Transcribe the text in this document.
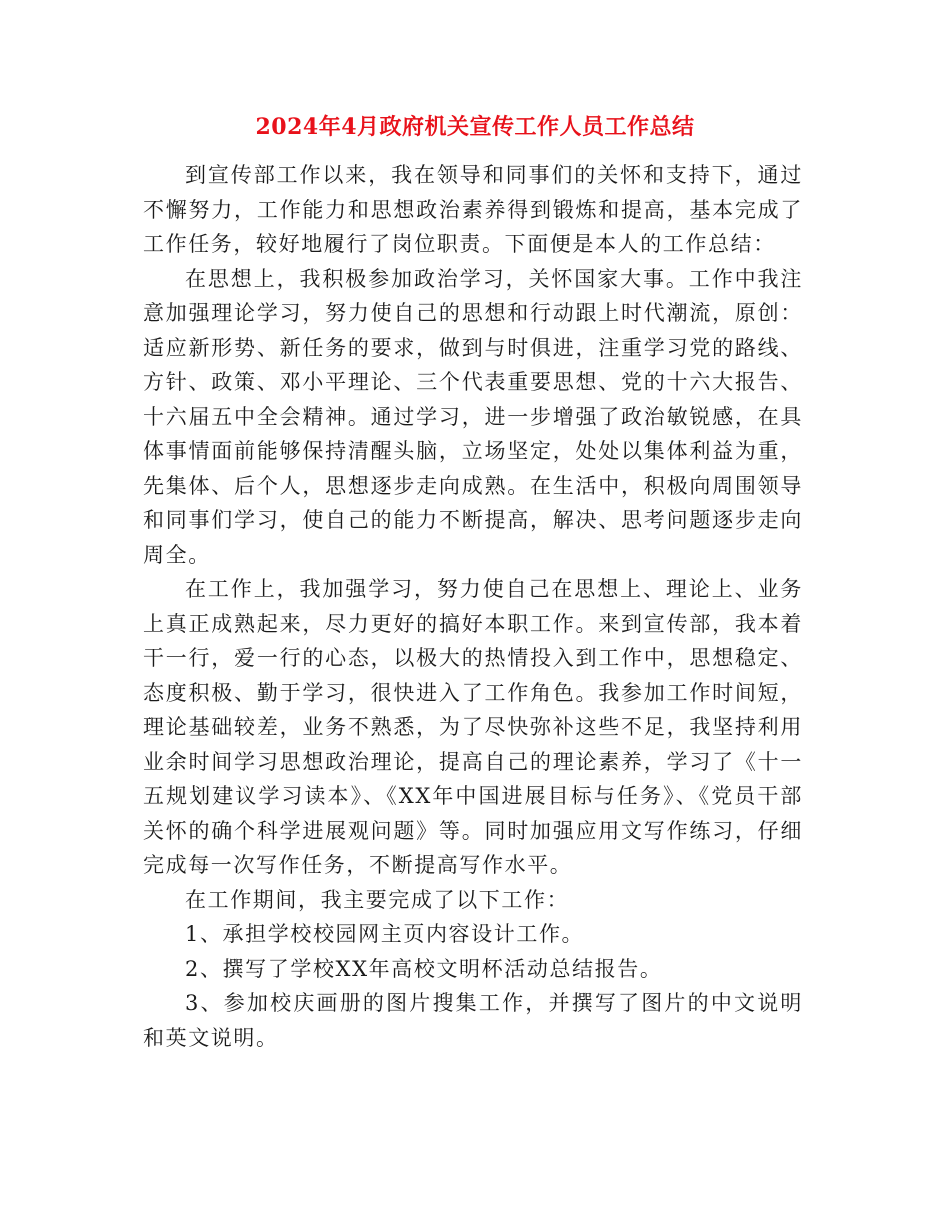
2024年4月政府机关宣传工作人员工作总结

到宣传部工作以来，我在领导和同事们的关怀和支持下，通过不懈努力，工作能力和思想政治素养得到锻炼和提高，基本完成了工作任务，较好地履行了岗位职责。下面便是本人的工作总结：

在思想上，我积极参加政治学习，关怀国家大事。工作中我注意加强理论学习，努力使自己的思想和行动跟上时代潮流，原创：适应新形势、新任务的要求，做到与时俱进，注重学习党的路线、方针、政策、邓小平理论、三个代表重要思想、党的十六大报告、十六届五中全会精神。通过学习，进一步增强了政治敏锐感，在具体事情面前能够保持清醒头脑，立场坚定，处处以集体利益为重，先集体、后个人，思想逐步走向成熟。在生活中，积极向周围领导和同事们学习，使自己的能力不断提高，解决、思考问题逐步走向周全。

在工作上，我加强学习，努力使自己在思想上、理论上、业务上真正成熟起来，尽力更好的搞好本职工作。来到宣传部，我本着干一行，爱一行的心态，以极大的热情投入到工作中，思想稳定、态度积极、勤于学习，很快进入了工作角色。我参加工作时间短，理论基础较差，业务不熟悉，为了尽快弥补这些不足，我坚持利用业余时间学习思想政治理论，提高自己的理论素养，学习了《十一五规划建议学习读本》、《XX年中国进展目标与任务》、《党员干部关怀的确个科学进展观问题》等。同时加强应用文写作练习，仔细完成每一次写作任务，不断提高写作水平。

在工作期间，我主要完成了以下工作：

1、承担学校校园网主页内容设计工作。

2、撰写了学校XX年高校文明杯活动总结报告。

3、参加校庆画册的图片搜集工作，并撰写了图片的中文说明和英文说明。
